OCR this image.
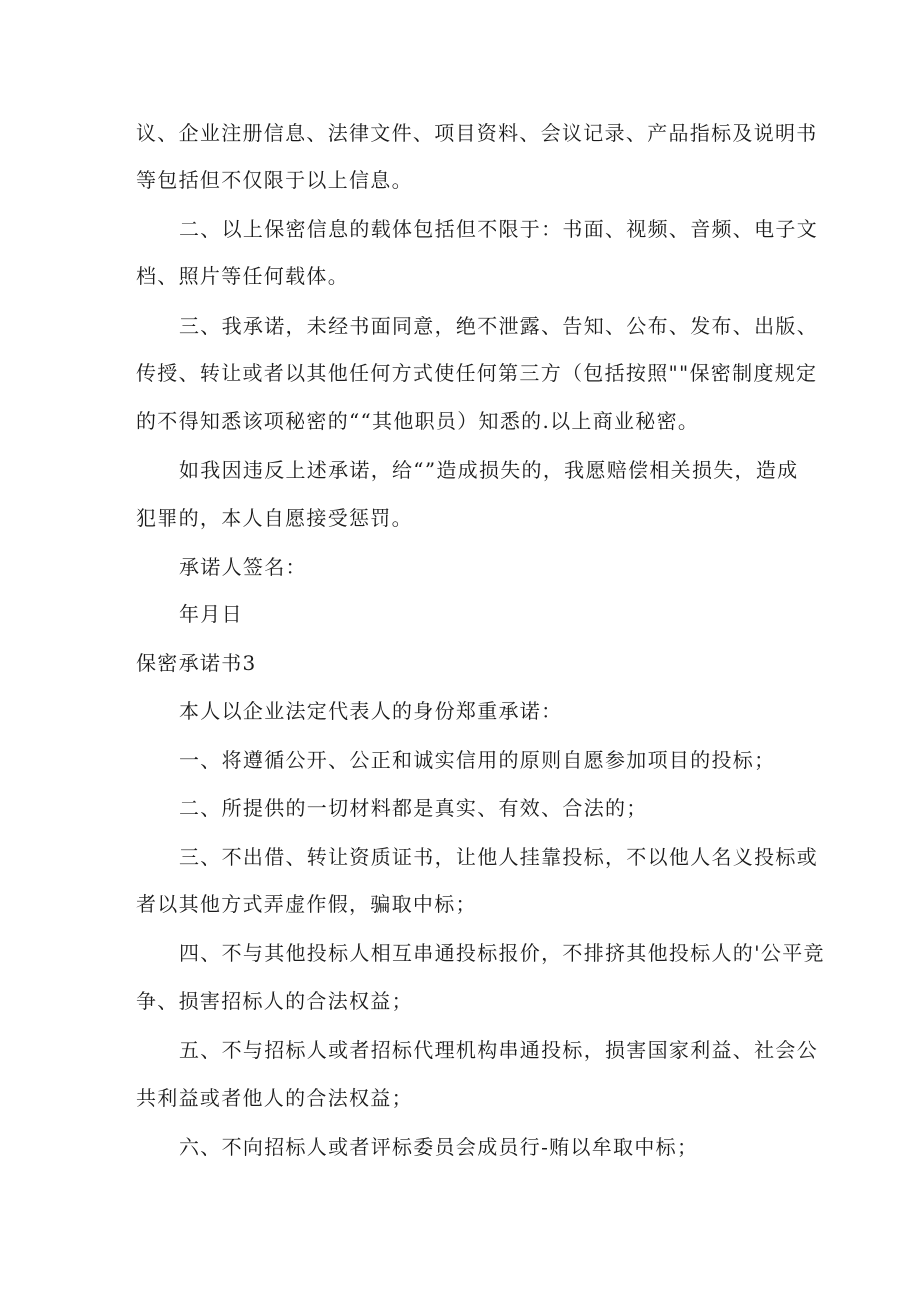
议、企业注册信息、法律文件、项目资料、会议记录、产品指标及说明书
等包括但不仅限于以上信息。
二、以上保密信息的载体包括但不限于：书面、视频、音频、电子文
档、照片等任何载体。
三、我承诺，未经书面同意，绝不泄露、告知、公布、发布、出版、
传授、转让或者以其他任何方式使任何第三方（包括按照""保密制度规定
的不得知悉该项秘密的““其他职员）知悉的.以上商业秘密。
如我因违反上述承诺，给“”造成损失的，我愿赔偿相关损失，造成
犯罪的，本人自愿接受惩罚。
承诺人签名：
年月日
保密承诺书3
本人以企业法定代表人的身份郑重承诺：
一、将遵循公开、公正和诚实信用的原则自愿参加项目的投标；
二、所提供的一切材料都是真实、有效、合法的；
三、不出借、转让资质证书，让他人挂靠投标，不以他人名义投标或
者以其他方式弄虚作假，骗取中标；
四、不与其他投标人相互串通投标报价，不排挤其他投标人的'公平竞
争、损害招标人的合法权益；
五、不与招标人或者招标代理机构串通投标，损害国家利益、社会公
共利益或者他人的合法权益；
六、不向招标人或者评标委员会成员行-贿以牟取中标；
